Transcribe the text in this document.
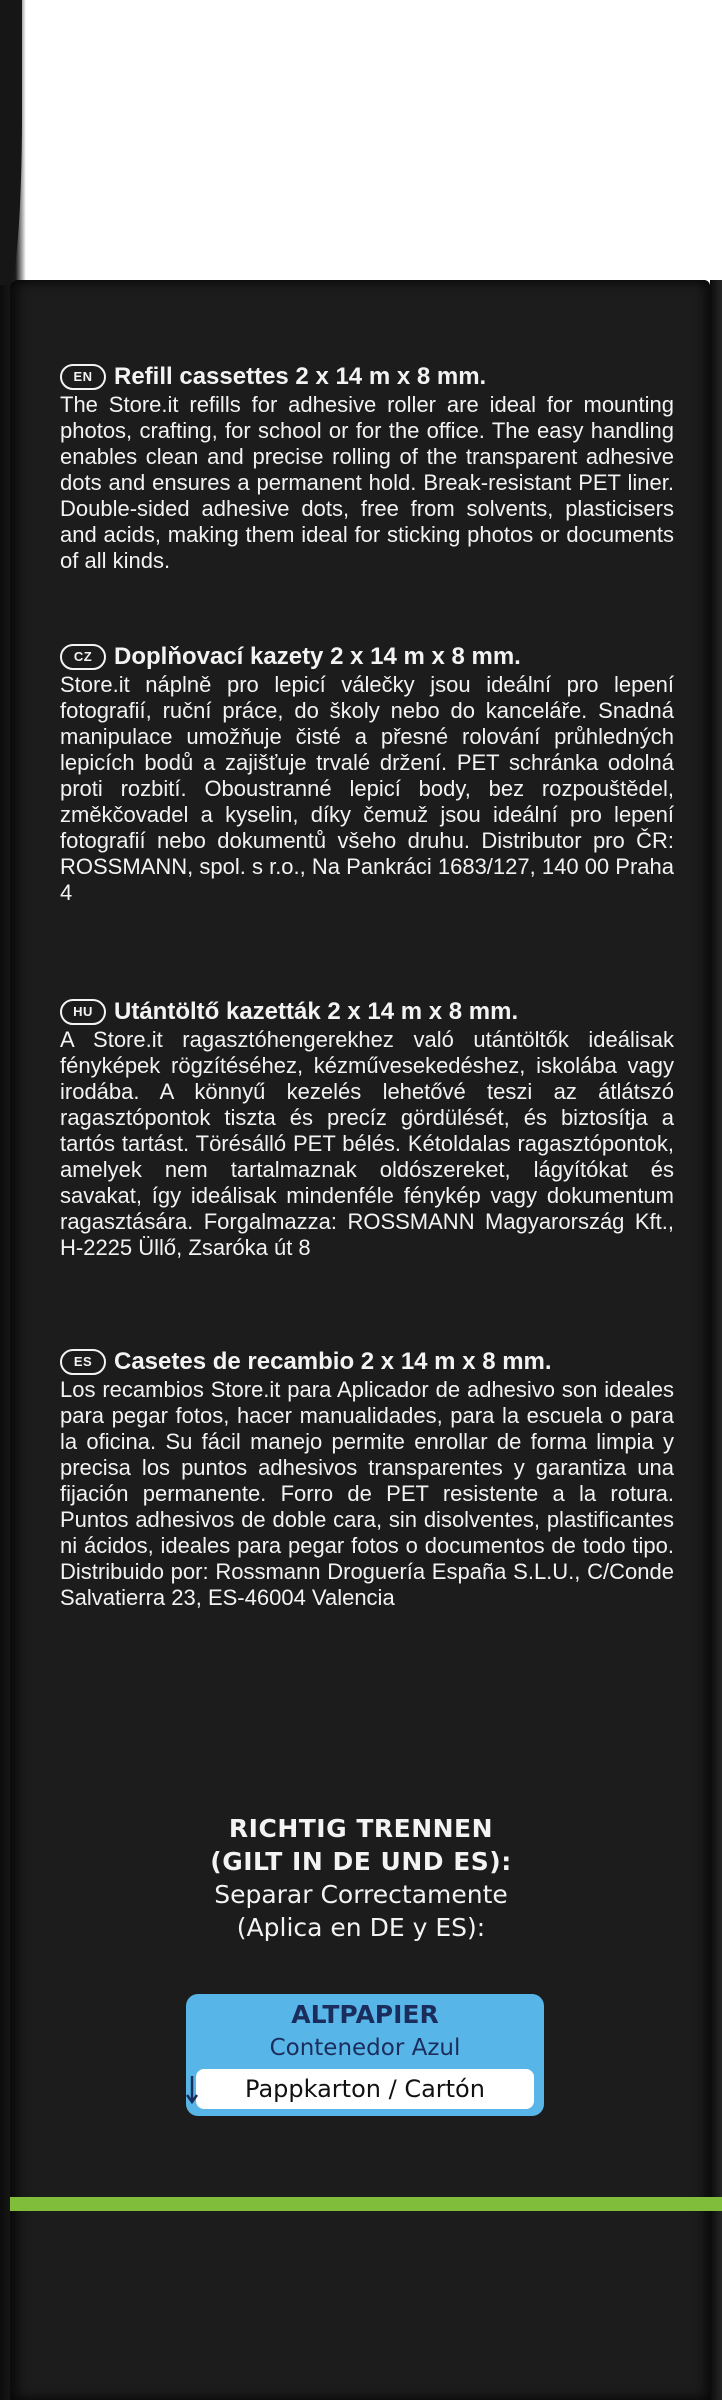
EN Refill cassettes 2 x 14 m x 8 mm.
The Store.it refills for adhesive roller are ideal for mounting photos, crafting, for school or for the office. The easy handling enables clean and precise rolling of the transparent adhesive dots and ensures a permanent hold. Break-resistant PET liner. Double-sided adhesive dots, free from solvents, plasticisers and acids, making them ideal for sticking photos or documents of all kinds.
CZ Doplňovací kazety 2 x 14 m x 8 mm.
Store.it náplně pro lepicí válečky jsou ideální pro lepení fotografií, ruční práce, do školy nebo do kanceláře. Snadná manipulace umožňuje čisté a přesné rolování průhledných lepicích bodů a zajišťuje trvalé držení. PET schránka odolná proti rozbití. Oboustranné lepicí body, bez rozpouštědel, změkčovadel a kyselin, díky čemuž jsou ideální pro lepení fotografií nebo dokumentů všeho druhu. Distributor pro ČR: ROSSMANN, spol. s r.o., Na Pankráci 1683/127, 140 00 Praha 4
HU Utántöltő kazetták 2 x 14 m x 8 mm.
A Store.it ragasztóhengerekhez való utántöltők ideálisak fényképek rögzítéséhez, kézművesekedéshez, iskolába vagy irodába. A könnyű kezelés lehetővé teszi az átlátszó ragasztópontok tiszta és precíz gördülését, és biztosítja a tartós tartást. Törésálló PET bélés. Kétoldalas ragasztópontok, amelyek nem tartalmaznak oldószereket, lágyítókat és savakat, így ideálisak mindenféle fénykép vagy dokumentum ragasztására. Forgalmazza: ROSSMANN Magyarország Kft., H-2225 Üllő, Zsaróka út 8
ES Casetes de recambio 2 x 14 m x 8 mm.
Los recambios Store.it para Aplicador de adhesivo son ideales para pegar fotos, hacer manualidades, para la escuela o para la oficina. Su fácil manejo permite enrollar de forma limpia y precisa los puntos adhesivos transparentes y garantiza una fijación permanente. Forro de PET resistente a la rotura. Puntos adhesivos de doble cara, sin disolventes, plastificantes ni ácidos, ideales para pegar fotos o documentos de todo tipo. Distribuido por: Rossmann Droguería España S.L.U., C/Conde Salvatierra 23, ES-46004 Valencia
RICHTIG TRENNEN
(GILT IN DE UND ES):
Separar Correctamente
(Aplica en DE y ES):
ALTPAPIER
Contenedor Azul
Pappkarton / Cartón
